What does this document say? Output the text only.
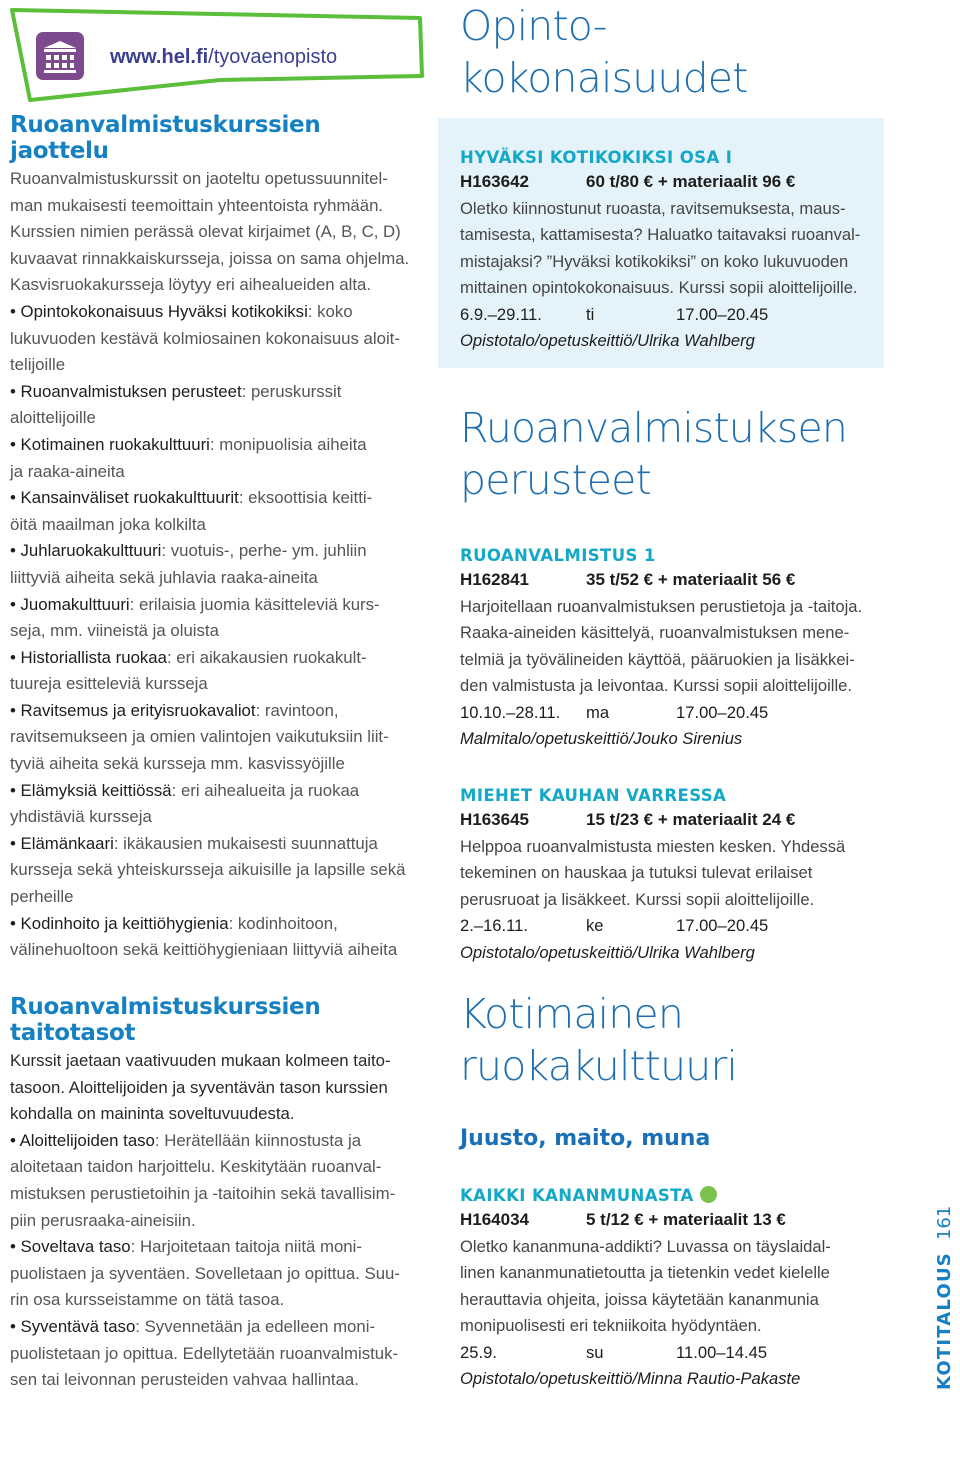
www.hel.fi/tyovaenopisto
Ruoanvalmistuskurssien
jaottelu
Ruoanvalmistuskurssit on jaoteltu opetussuunnitel-
man mukaisesti teemoittain yhteentoista ryhmään.
Kurssien nimien perässä olevat kirjaimet (A, B, C, D)
kuvaavat rinnakkaiskursseja, joissa on sama ohjelma.
Kasvisruokakursseja löytyy eri aihealueiden alta.
• Opintokokonaisuus Hyväksi kotikokiksi: koko
lukuvuoden kestävä kolmiosainen kokonaisuus aloit-
telijoille
• Ruoanvalmistuksen perusteet: peruskurssit
aloittelijoille
• Kotimainen ruokakulttuuri: monipuolisia aiheita
ja raaka-aineita
• Kansainväliset ruokakulttuurit: eksoottisia keitti-
öitä maailman joka kolkilta
• Juhlaruokakulttuuri: vuotuis-, perhe- ym. juhliin
liittyviä aiheita sekä juhlavia raaka-aineita
• Juomakulttuuri: erilaisia juomia käsitteleviä kurs-
seja, mm. viineistä ja oluista
• Historiallista ruokaa: eri aikakausien ruokakult-
tuureja esitteleviä kursseja
• Ravitsemus ja erityisruokavaliot: ravintoon,
ravitsemukseen ja omien valintojen vaikutuksiin liit-
tyviä aiheita sekä kursseja mm. kasvissyöjille
• Elämyksiä keittiössä: eri aihealueita ja ruokaa
yhdistäviä kursseja
• Elämänkaari: ikäkausien mukaisesti suunnattuja
kursseja sekä yhteiskursseja aikuisille ja lapsille sekä
perheille
• Kodinhoito ja keittiöhygienia: kodinhoitoon,
välinehuoltoon sekä keittiöhygieniaan liittyviä aiheita
Ruoanvalmistuskurssien
taitotasot
Kurssit jaetaan vaativuuden mukaan kolmeen taito-
tasoon. Aloittelijoiden ja syventävän tason kurssien
kohdalla on maininta soveltuvuudesta.
• Aloittelijoiden taso: Herätellään kiinnostusta ja
aloitetaan taidon harjoittelu. Keskitytään ruoanval-
mistuksen perustietoihin ja -taitoihin sekä tavallisim-
piin perusraaka-aineisiin.
• Soveltava taso: Harjoitetaan taitoja niitä moni-
puolistaen ja syventäen. Sovelletaan jo opittua. Suu-
rin osa kursseistamme on tätä tasoa.
• Syventävä taso: Syvennetään ja edelleen moni-
puolistetaan jo opittua. Edellytetään ruoanvalmistuk-
sen tai leivonnan perusteiden vahvaa hallintaa.
Opinto-
kokonaisuudet
HYVÄKSI KOTIKOKIKSI OSA I
H163642	60 t/80 € + materiaalit 96 €
Oletko kiinnostunut ruoasta, ravitsemuksesta, maus-
tamisesta, kattamisesta? Haluatko taitavaksi ruoanval-
mistajaksi? ”Hyväksi kotikokiksi” on koko lukuvuoden
mittainen opintokokonaisuus. Kurssi sopii aloittelijoille.
6.9.–29.11.	ti	17.00–20.45
Opistotalo/opetuskeittiö/Ulrika Wahlberg
Ruoanvalmistuksen
perusteet
RUOANVALMISTUS 1
H162841	35 t/52 € + materiaalit 56 €
Harjoitellaan ruoanvalmistuksen perustietoja ja -taitoja.
Raaka-aineiden käsittelyä, ruoanvalmistuksen mene-
telmiä ja työvälineiden käyttöä, pääruokien ja lisäkkei-
den valmistusta ja leivontaa. Kurssi sopii aloittelijoille.
10.10.–28.11.	ma	17.00–20.45
Malmitalo/opetuskeittiö/Jouko Sirenius
MIEHET KAUHAN VARRESSA
H163645	15 t/23 € + materiaalit 24 €
Helppoa ruoanvalmistusta miesten kesken. Yhdessä
tekeminen on hauskaa ja tutuksi tulevat erilaiset
perusruoat ja lisäkkeet. Kurssi sopii aloittelijoille.
2.–16.11.	ke	17.00–20.45
Opistotalo/opetuskeittiö/Ulrika Wahlberg
Kotimainen
ruokakulttuuri
Juusto, maito, muna
KAIKKI KANANMUNASTA
H164034	5 t/12 € + materiaalit 13 €
Oletko kananmuna-addikti? Luvassa on täyslaidal-
linen kananmunatietoutta ja tietenkin vedet kielelle
herauttavia ohjeita, joissa käytetään kananmunia
monipuolisesti eri tekniikoita hyödyntäen.
25.9.	su	11.00–14.45
Opistotalo/opetuskeittiö/Minna Rautio-Pakaste	KOTITALOUS161
